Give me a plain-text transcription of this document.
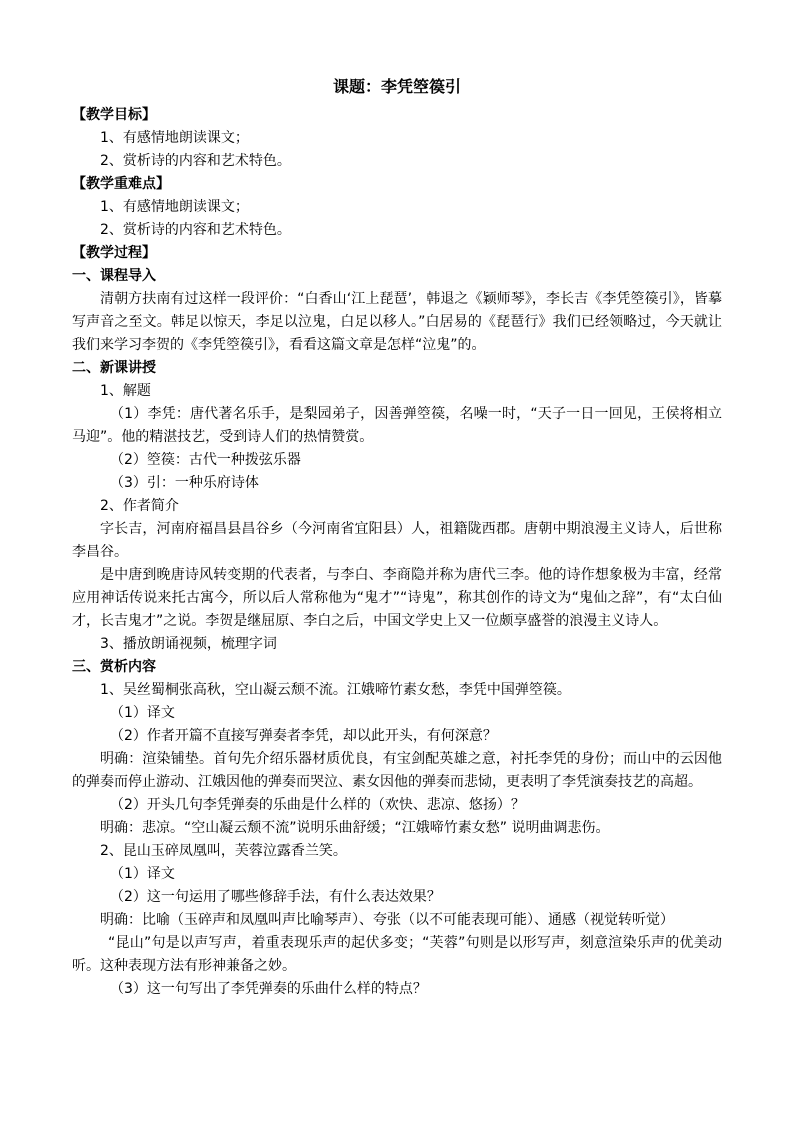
课题：李凭箜篌引

【教学目标】

1、有感情地朗读课文；

2、赏析诗的内容和艺术特色。

【教学重难点】

1、有感情地朗读课文；

2、赏析诗的内容和艺术特色。

【教学过程】

一、课程导入

清朝方扶南有过这样一段评价：“白香山‘江上琵琶’，韩退之《颖师琴》，李长吉《李凭箜篌引》，皆摹写声音之至文。韩足以惊天，李足以泣鬼，白足以移人。”白居易的《琵琶行》我们已经领略过，今天就让我们来学习李贺的《李凭箜篌引》，看看这篇文章是怎样“泣鬼”的。

二、新课讲授

1、解题

（1）李凭：唐代著名乐手，是梨园弟子，因善弹箜篌，名噪一时，“天子一日一回见，王侯将相立马迎”。他的精湛技艺，受到诗人们的热情赞赏。

（2）箜篌：古代一种拨弦乐器

（3）引：一种乐府诗体

2、作者简介

字长吉，河南府福昌县昌谷乡（今河南省宜阳县）人，祖籍陇西郡。唐朝中期浪漫主义诗人，后世称李昌谷。

是中唐到晚唐诗风转变期的代表者，与李白、李商隐并称为唐代三李。他的诗作想象极为丰富，经常应用神话传说来托古寓今，所以后人常称他为“鬼才”“诗鬼”，称其创作的诗文为“鬼仙之辞”，有“太白仙才，长吉鬼才”之说。李贺是继屈原、李白之后，中国文学史上又一位颇享盛誉的浪漫主义诗人。

3、播放朗诵视频，梳理字词

三、赏析内容

1、吴丝蜀桐张高秋，空山凝云颓不流。江娥啼竹素女愁，李凭中国弹箜篌。

（1）译文

（2）作者开篇不直接写弹奏者李凭，却以此开头，有何深意？

明确：渲染铺垫。首句先介绍乐器材质优良，有宝剑配英雄之意，衬托李凭的身份；而山中的云因他的弹奏而停止游动、江娥因他的弹奏而哭泣、素女因他的弹奏而悲恸，更表明了李凭演奏技艺的高超。

（2）开头几句李凭弹奏的乐曲是什么样的（欢快、悲凉、悠扬）？

明确：悲凉。“空山凝云颓不流”说明乐曲舒缓；“江娥啼竹素女愁” 说明曲调悲伤。

2、昆山玉碎凤凰叫，芙蓉泣露香兰笑。

（1）译文

（2）这一句运用了哪些修辞手法，有什么表达效果？

明确：比喻（玉碎声和凤凰叫声比喻琴声）、夸张（以不可能表现可能）、通感（视觉转听觉）

“昆山”句是以声写声，着重表现乐声的起伏多变；“芙蓉”句则是以形写声，刻意渲染乐声的优美动听。这种表现方法有形神兼备之妙。

（3）这一句写出了李凭弹奏的乐曲什么样的特点？
